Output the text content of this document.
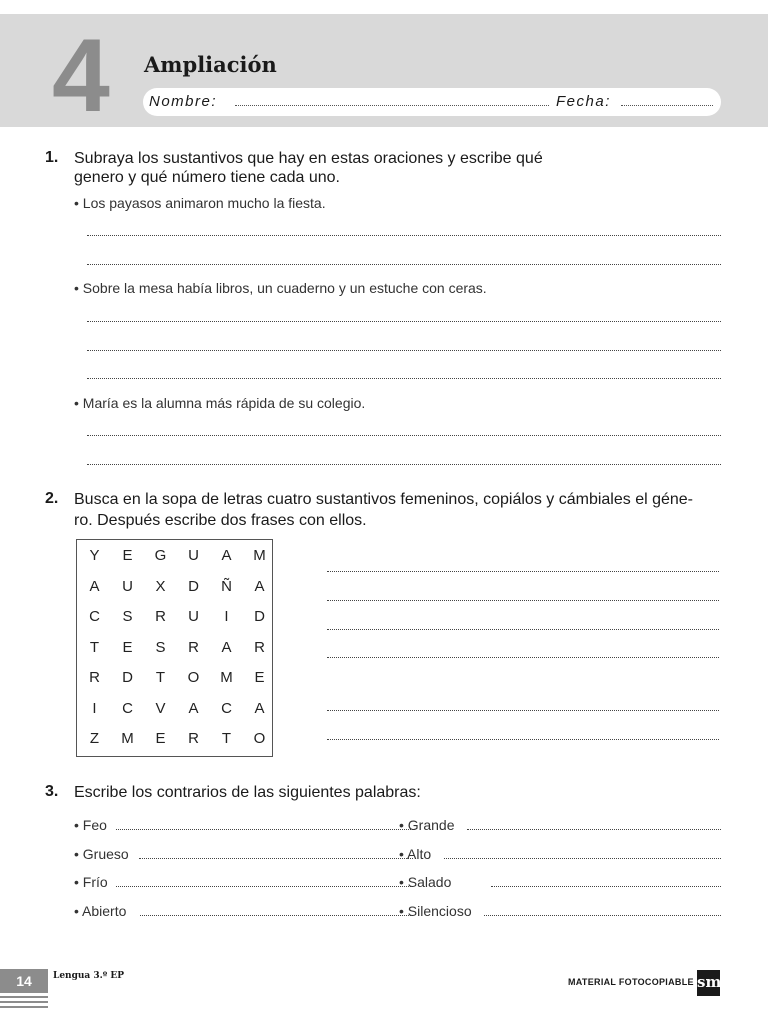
4 Ampliación
Nombre:	Fecha:
1. Subraya los sustantivos que hay en estas oraciones y escribe qué
genero y qué número tiene cada uno.
• Los payasos animaron mucho la fiesta.
• Sobre la mesa había libros, un cuaderno y un estuche con ceras.
• María es la alumna más rápida de su colegio.
2. Busca en la sopa de letras cuatro sustantivos femeninos, copiálos y cámbiales el géne-
ro. Después escribe dos frases con ellos.
Y	E	G	U	A	M
A	U	X	D	Ñ	A
C	S	R	U	I	D
T	E	S	R	A	R
R	D	T	O	M	E
I	C	V	A	C	A
Z	M	E	R	T	O
3. Escribe los contrarios de las siguientes palabras:
• Feo
• Grueso
• Frío
• Abierto
• Grande
• Alto
• Salado
• Silencioso
14	Lengua 3.º EP
MATERIAL FOTOCOPIABLE sm
